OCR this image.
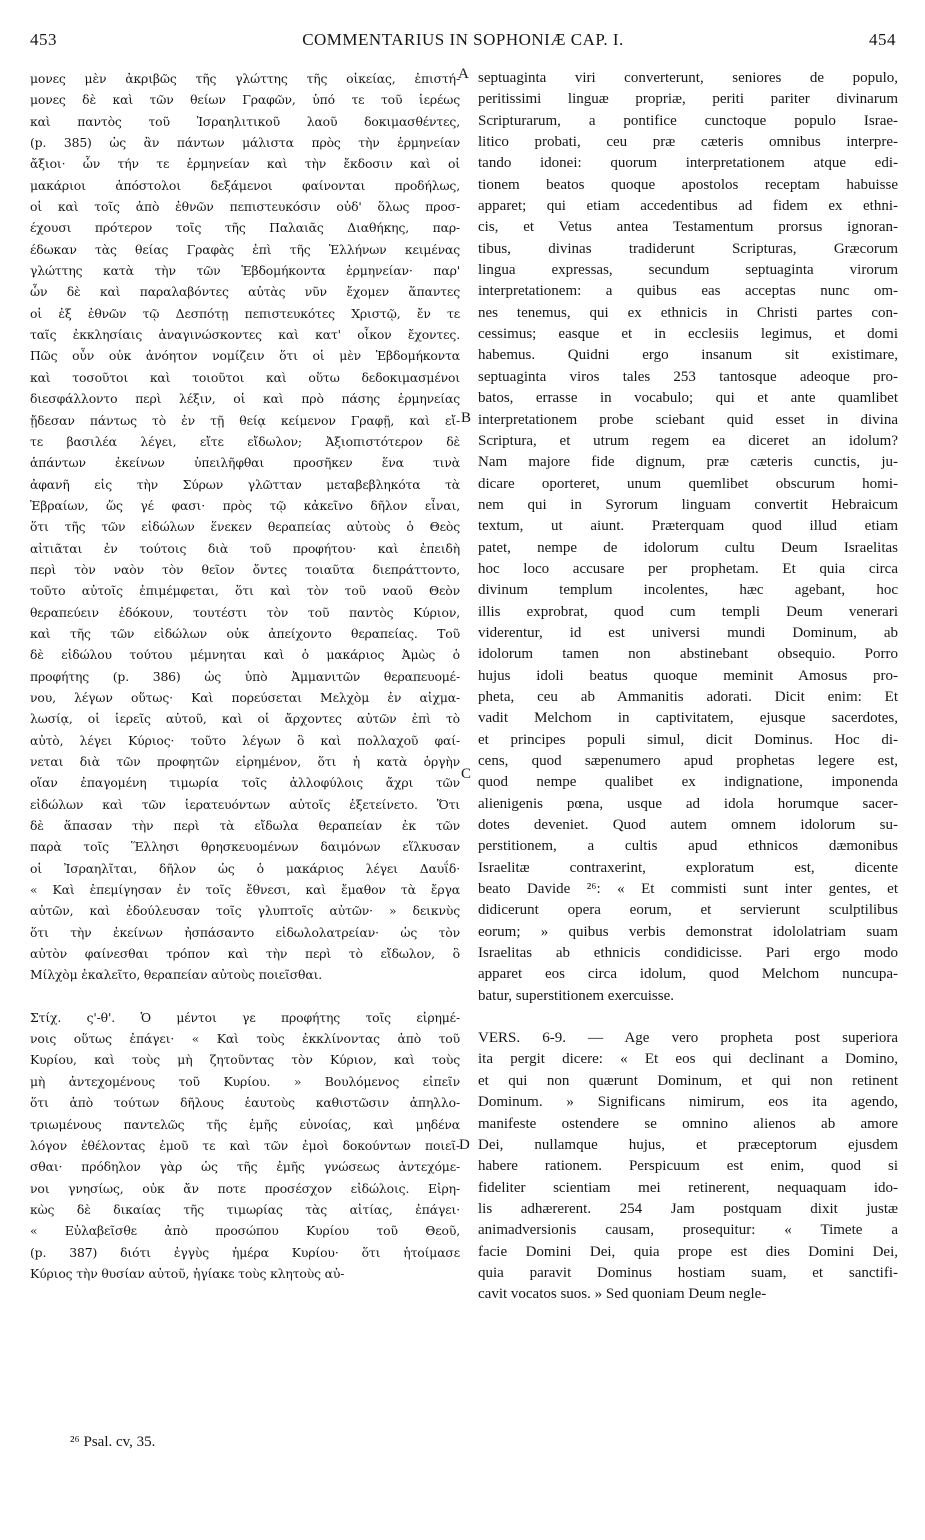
453	COMMENTARIUS IN SOPHONIÆ CAP. I.	454
μονες μὲν ἀκριβῶς τῆς γλώττης τῆς οἰκείας, ἐπιστή-
μονες δὲ καὶ τῶν θείων Γραφῶν, ὑπό τε τοῦ ἱερέως
καὶ παντὸς τοῦ Ἰσραηλιτικοῦ λαοῦ δοκιμασθέντες,
(p. 385) ὡς ἂν πάντων μάλιστα πρὸς τὴν ἑρμηνείαν
ἄξιοι· ὧν τήν τε ἑρμηνείαν καὶ τὴν ἔκδοσιν καὶ οἱ
μακάριοι ἀπόστολοι δεξάμενοι φαίνονται προδήλως,
οἱ καὶ τοῖς ἀπὸ ἐθνῶν πεπιστευκόσιν οὐδ' ὅλως προσ-
έχουσι πρότερον τοῖς τῆς Παλαιᾶς Διαθήκης, παρ-
έδωκαν τὰς θείας Γραφὰς ἐπὶ τῆς Ἑλλήνων κειμένας
γλώττης κατὰ τὴν τῶν Ἑβδομήκοντα ἑρμηνείαν· παρ'
ὧν δὲ καὶ παραλαβόντες αὐτὰς νῦν ἔχομεν ἅπαντες
οἱ ἐξ ἐθνῶν τῷ Δεσπότῃ πεπιστευκότες Χριστῷ, ἔν τε
ταῖς ἐκκλησίαις ἀναγινώσκοντες καὶ κατ' οἶκον ἔχοντες.
Πῶς οὖν οὐκ ἀνόητον νομίζειν ὅτι οἱ μὲν Ἑβδομήκοντα
καὶ τοσοῦτοι καὶ τοιοῦτοι καὶ οὕτω δεδοκιμασμένοι
διεσφάλλοντο περὶ λέξιν, οἱ καὶ πρὸ πάσης ἑρμηνείας
ᾔδεσαν πάντως τὸ ἐν τῇ θείᾳ κείμενον Γραφῇ, καὶ εἴ-
τε βασιλέα λέγει, εἴτε εἴδωλον; Ἀξιοπιστότερον δὲ
ἁπάντων ἐκείνων ὑπειλῆφθαι προσῆκεν ἕνα τινὰ
ἀφανῆ εἰς τὴν Σύρων γλῶτταν μεταβεβληκότα τὰ
Ἑβραίων, ὥς γέ φασι· πρὸς τῷ κἀκεῖνο δῆλον εἶναι,
ὅτι τῆς τῶν εἰδώλων ἕνεκεν θεραπείας αὐτοὺς ὁ Θεὸς
αἰτιᾶται ἐν τούτοις διὰ τοῦ προφήτου· καὶ ἐπειδὴ
περὶ τὸν ναὸν τὸν θεῖον ὄντες τοιαῦτα διεπράττοντο,
τοῦτο αὐτοῖς ἐπιμέμφεται, ὅτι καὶ τὸν τοῦ ναοῦ Θεὸν
θεραπεύειν ἐδόκουν, τουτέστι τὸν τοῦ παντὸς Κύριον,
καὶ τῆς τῶν εἰδώλων οὐκ ἀπείχοντο θεραπείας. Τοῦ
δὲ εἰδώλου τούτου μέμνηται καὶ ὁ μακάριος Ἀμὼς ὁ
προφήτης (p. 386) ὡς ὑπὸ Ἀμμανιτῶν θεραπευομέ-
νου, λέγων οὕτως· Καὶ πορεύσεται Μελχὸμ ἐν αἰχμα-
λωσίᾳ, οἱ ἱερεῖς αὐτοῦ, καὶ οἱ ἄρχοντες αὐτῶν ἐπὶ τὸ
αὐτὸ, λέγει Κύριος· τοῦτο λέγων ὃ καὶ πολλαχοῦ φαί-
νεται διὰ τῶν προφητῶν εἰρημένον, ὅτι ἡ κατὰ ὀργὴν
οἵαν ἐπαγομένη τιμωρία τοῖς ἀλλοφύλοις ἄχρι τῶν
εἰδώλων καὶ τῶν ἱερατευόντων αὐτοῖς ἐξετείνετο. Ὅτι
δὲ ἅπασαν τὴν περὶ τὰ εἴδωλα θεραπείαν ἐκ τῶν
παρὰ τοῖς Ἕλλησι θρησκευομένων δαιμόνων εἵλκυσαν
οἱ Ἰσραηλῖται, δῆλον ὡς ὁ μακάριος λέγει Δαυΐδ·
« Καὶ ἐπεμίγησαν ἐν τοῖς ἔθνεσι, καὶ ἔμαθον τὰ ἔργα
αὐτῶν, καὶ ἐδούλευσαν τοῖς γλυπτοῖς αὐτῶν· » δεικνὺς
ὅτι τὴν ἐκείνων ἠσπάσαντο εἰδωλολατρείαν· ὡς τὸν
αὐτὸν φαίνεσθαι τρόπον καὶ τὴν περὶ τὸ εἴδωλον, ὃ
Μίλχὸμ ἐκαλεῖτο, θεραπείαν αὐτοὺς ποιεῖσθαι.
Στίχ. ς'-θ'. Ὁ μέντοι γε προφήτης τοῖς εἰρημέ-
νοις οὕτως ἐπάγει· « Καὶ τοὺς ἐκκλίνοντας ἀπὸ τοῦ
Κυρίου, καὶ τοὺς μὴ ζητοῦντας τὸν Κύριον, καὶ τοὺς
μὴ ἀντεχομένους τοῦ Κυρίου. » Βουλόμενος εἰπεῖν
ὅτι ἀπὸ τούτων δῆλους ἑαυτοὺς καθιστῶσιν ἀπηλλο-
τριωμένους παντελῶς τῆς ἐμῆς εὐνοίας, καὶ μηδένα
λόγον ἐθέλοντας ἐμοῦ τε καὶ τῶν ἐμοὶ δοκούντων ποιεῖ-
σθαι· πρόδηλον γὰρ ὡς τῆς ἐμῆς γνώσεως ἀντεχόμε-
νοι γνησίως, οὐκ ἄν ποτε προσέσχον εἰδώλοις. Εἰρη-
κὼς δὲ δικαίας τῆς τιμωρίας τὰς αἰτίας, ἐπάγει·
« Εὐλαβεῖσθε ἀπὸ προσώπου Κυρίου τοῦ Θεοῦ,
(p. 387) διότι ἐγγὺς ἡμέρα Κυρίου· ὅτι ἡτοίμασε
Κύριος τὴν θυσίαν αὐτοῦ, ἡγίακε τοὺς κλητοὺς αὐ-
septuaginta viri converterunt, seniores de populo,
peritissimi linguæ propriæ, periti pariter divinarum
Scripturarum, a pontifice cunctoque populo Israe-
litico probati, ceu præ cæteris omnibus interpre-
tando idonei: quorum interpretationem atque edi-
tionem beatos quoque apostolos receptam habuisse
apparet; qui etiam accedentibus ad fidem ex ethni-
cis, et Vetus antea Testamentum prorsus ignoran-
tibus, divinas tradiderunt Scripturas, Græcorum
lingua expressas, secundum septuaginta virorum
interpretationem: a quibus eas acceptas nunc om-
nes tenemus, qui ex ethnicis in Christi partes con-
cessimus; easque et in ecclesiis legimus, et domi
habemus. Quidni ergo insanum sit existimare,
septuaginta viros tales 253 tantosque adeoque pro-
batos, errasse in vocabulo; qui et ante quamlibet
interpretationem probe sciebant quid esset in divina
Scriptura, et utrum regem ea diceret an idolum?
Nam majore fide dignum, præ cæteris cunctis, ju-
dicare oporteret, unum quemlibet obscurum homi-
nem qui in Syrorum linguam convertit Hebraicum
textum, ut aiunt. Præterquam quod illud etiam
patet, nempe de idolorum cultu Deum Israelitas
hoc loco accusare per prophetam. Et quia circa
divinum templum incolentes, hæc agebant, hoc
illis exprobrat, quod cum templi Deum venerari
viderentur, id est universi mundi Dominum, ab
idolorum tamen non abstinebant obsequio. Porro
hujus idoli beatus quoque meminit Amosus pro-
pheta, ceu ab Ammanitis adorati. Dicit enim: Et
vadit Melchom in captivitatem, ejusque sacerdotes,
et principes populi simul, dicit Dominus. Hoc di-
cens, quod sæpenumero apud prophetas legere est,
quod nempe qualibet ex indignatione, imponenda
alienigenis pœna, usque ad idola horumque sacer-
dotes deveniet. Quod autem omnem idolorum su-
perstitionem, a cultis apud ethnicos dæmonibus
Israelitæ contraxerint, exploratum est, dicente
beato Davide ²⁶: « Et commisti sunt inter gentes, et
didicerunt opera eorum, et servierunt sculptilibus
eorum; » quibus verbis demonstrat idololatriam suam
Israelitas ab ethnicis condidicisse. Pari ergo modo
apparet eos circa idolum, quod Melchom nuncupa-
batur, superstitionem exercuisse.
VERS. 6-9. — Age vero propheta post superiora
ita pergit dicere: « Et eos qui declinant a Domino,
et qui non quærunt Dominum, et qui non retinent
Dominum. » Significans nimirum, eos ita agendo,
manifeste ostendere se omnino alienos ab amore
Dei, nullamque hujus, et præceptorum ejusdem
habere rationem. Perspicuum est enim, quod si
fideliter scientiam mei retinerent, nequaquam ido-
lis adhærerent. 254 Jam postquam dixit justæ
animadversionis causam, prosequitur: « Timete a
facie Domini Dei, quia prope est dies Domini Dei,
quia paravit Dominus hostiam suam, et sanctifi-
cavit vocatos suos. » Sed quoniam Deum negle-
A
B
C
D
²⁶ Psal. cv, 35.
